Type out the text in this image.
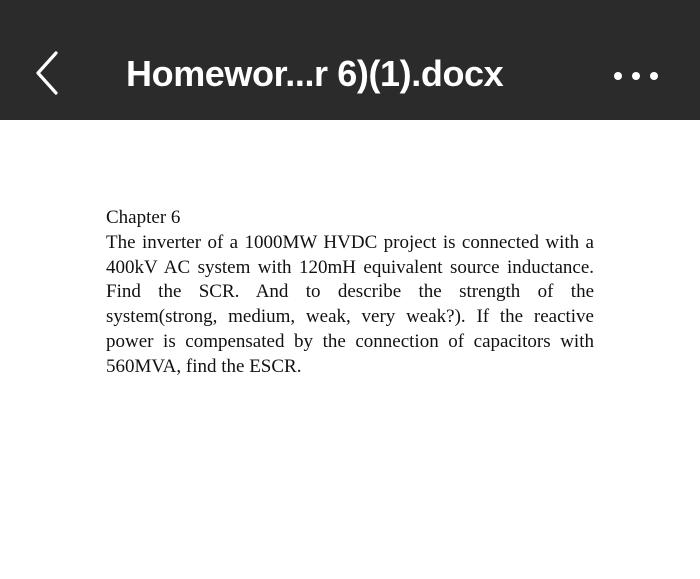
Homewor...r 6)(1).docx
Chapter 6

The inverter of a 1000MW HVDC project is connected with a 400kV AC system with 120mH equivalent source inductance. Find the SCR. And to describe the strength of the system(strong, medium, weak, very weak?). If the reactive power is compensated by the connection of capacitors with 560MVA, find the ESCR.
